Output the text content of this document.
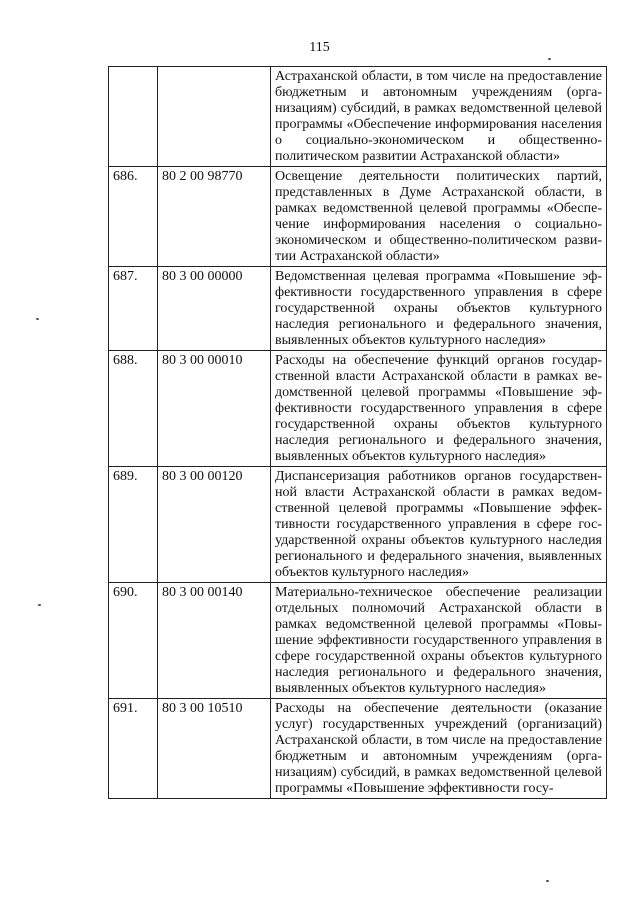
115
		Астраханской области, в том числе на предоставление бюджетным и автономным учреждениям (организациям) субсидий, в рамках ведомственной целевой программы «Обеспечение информирования населения о социально-экономическом и общественно-политическом развитии Астраханской области»
686.	80 2 00 98770	Освещение деятельности политических партий, представленных в Думе Астраханской области, в рамках ведомственной целевой программы «Обеспечение информирования населения о социально-экономическом и общественно-политическом развитии Астраханской области»
687.	80 3 00 00000	Ведомственная целевая программа «Повышение эффективности государственного управления в сфере государственной охраны объектов культурного наследия регионального и федерального значения, выявленных объектов культурного наследия»
688.	80 3 00 00010	Расходы на обеспечение функций органов государственной власти Астраханской области в рамках ведомственной целевой программы «Повышение эффективности государственного управления в сфере государственной охраны объектов культурного наследия регионального и федерального значения, выявленных объектов культурного наследия»
689.	80 3 00 00120	Диспансеризация работников органов государственной власти Астраханской области в рамках ведомственной целевой программы «Повышение эффективности государственного управления в сфере государственной охраны объектов культурного наследия регионального и федерального значения, выявленных объектов культурного наследия»
690.	80 3 00 00140	Материально-техническое обеспечение реализации отдельных полномочий Астраханской области в рамках ведомственной целевой программы «Повышение эффективности государственного управления в сфере государственной охраны объектов культурного наследия регионального и федерального значения, выявленных объектов культурного наследия»
691.	80 3 00 10510	Расходы на обеспечение деятельности (оказание услуг) государственных учреждений (организаций) Астраханской области, в том числе на предоставление бюджетным и автономным учреждениям (организациям) субсидий, в рамках ведомственной целевой программы «Повышение эффективности госу-
